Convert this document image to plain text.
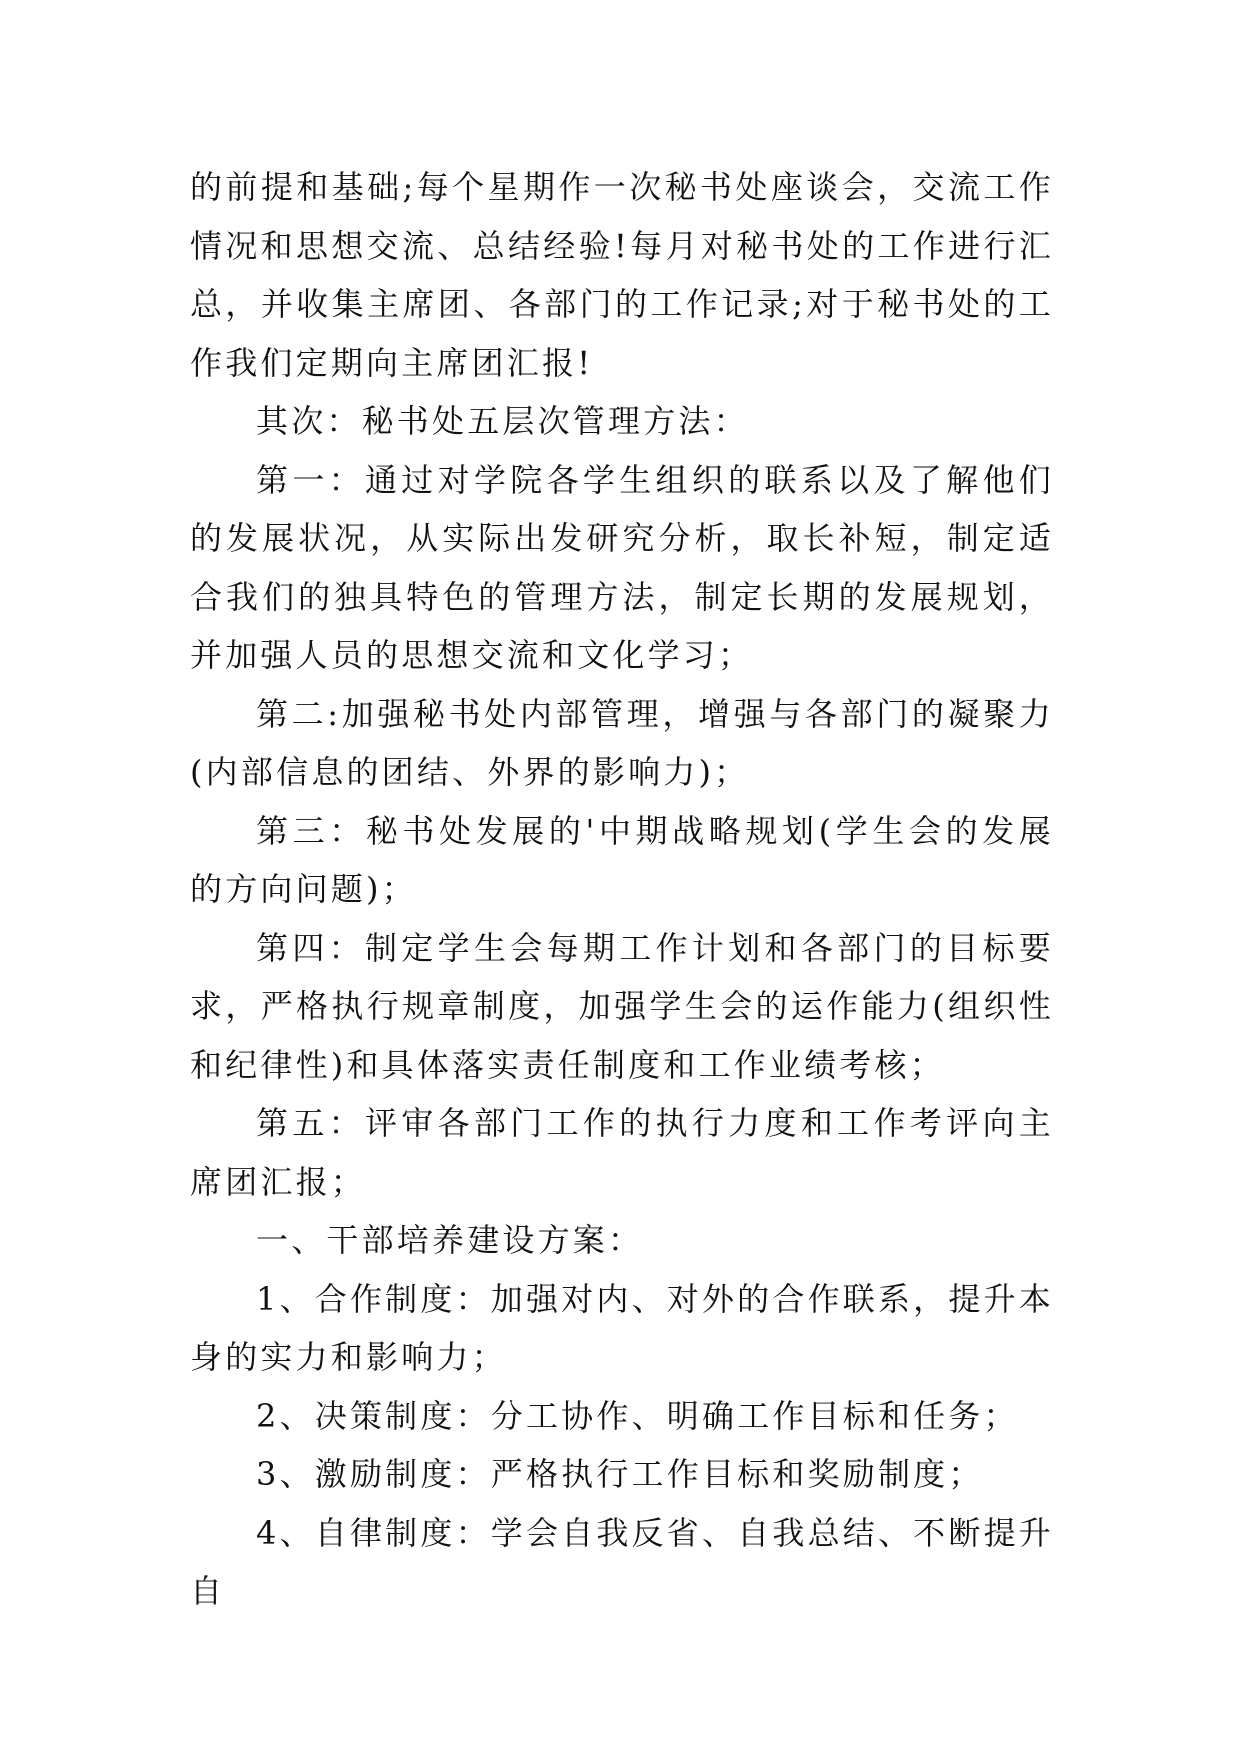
的前提和基础;每个星期作一次秘书处座谈会，交流工作情况和思想交流、总结经验!每月对秘书处的工作进行汇总，并收集主席团、各部门的工作记录;对于秘书处的工作我们定期向主席团汇报!

其次：秘书处五层次管理方法：

第一：通过对学院各学生组织的联系以及了解他们的发展状况，从实际出发研究分析，取长补短，制定适合我们的独具特色的管理方法，制定长期的发展规划，并加强人员的思想交流和文化学习；

第二:加强秘书处内部管理，增强与各部门的凝聚力(内部信息的团结、外界的影响力)；

第三：秘书处发展的'中期战略规划(学生会的发展的方向问题)；

第四：制定学生会每期工作计划和各部门的目标要求，严格执行规章制度，加强学生会的运作能力(组织性和纪律性)和具体落实责任制度和工作业绩考核；

第五：评审各部门工作的执行力度和工作考评向主席团汇报；

一、干部培养建设方案：

1、合作制度：加强对内、对外的合作联系，提升本身的实力和影响力；

2、决策制度：分工协作、明确工作目标和任务；

3、激励制度：严格执行工作目标和奖励制度；

4、自律制度：学会自我反省、自我总结、不断提升自
